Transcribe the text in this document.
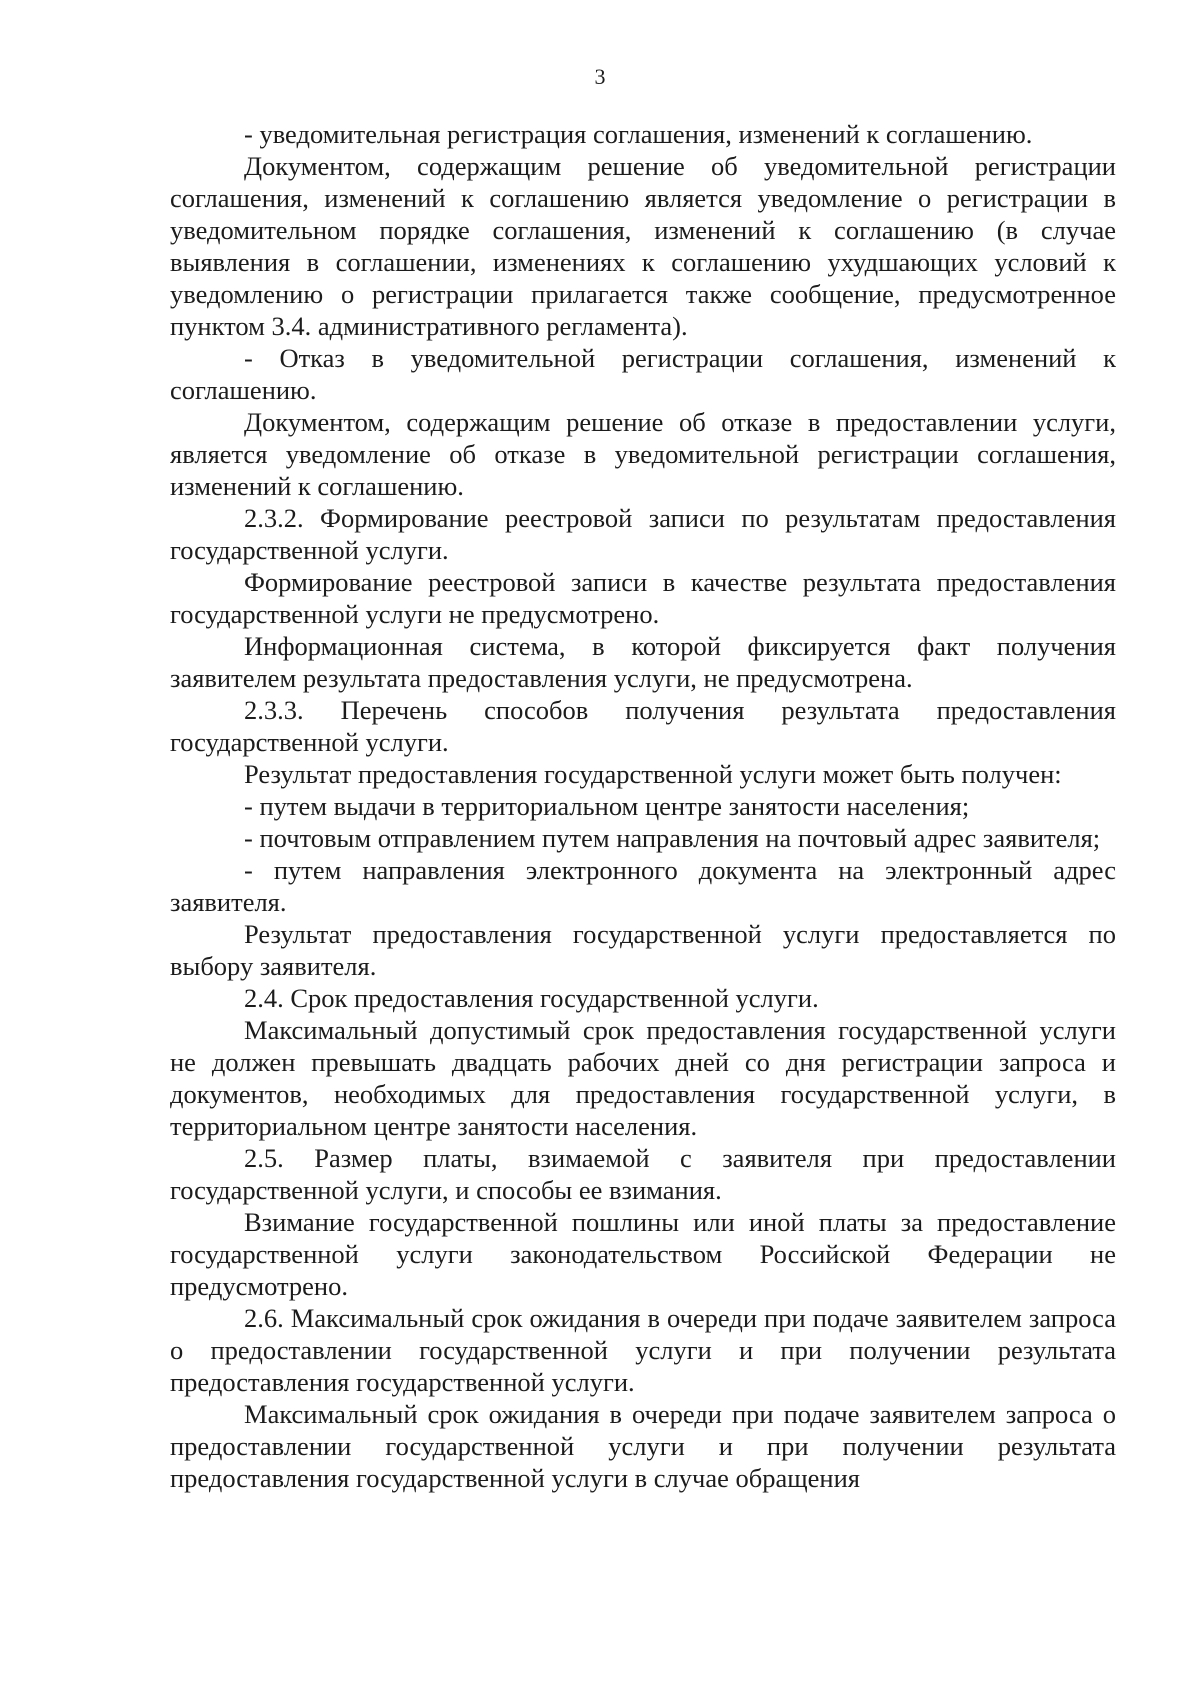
3

- уведомительная регистрация соглашения, изменений к соглашению.

Документом, содержащим решение об уведомительной регистрации соглашения, изменений к соглашению является уведомление о регистрации в уведомительном порядке соглашения, изменений к соглашению (в случае выявления в соглашении, изменениях к соглашению ухудшающих условий к уведомлению о регистрации прилагается также сообщение, предусмотренное пунктом 3.4. административного регламента).

- Отказ в уведомительной регистрации соглашения, изменений к соглашению.

Документом, содержащим решение об отказе в предоставлении услуги, является уведомление об отказе в уведомительной регистрации соглашения, изменений к соглашению.

2.3.2. Формирование реестровой записи по результатам предоставления государственной услуги.

Формирование реестровой записи в качестве результата предоставления государственной услуги не предусмотрено.

Информационная система, в которой фиксируется факт получения заявителем результата предоставления услуги, не предусмотрена.

2.3.3. Перечень способов получения результата предоставления государственной услуги.

Результат предоставления государственной услуги может быть получен:

- путем выдачи в территориальном центре занятости населения;

- почтовым отправлением путем направления на почтовый адрес заявителя;

- путем направления электронного документа на электронный адрес заявителя.

Результат предоставления государственной услуги предоставляется по выбору заявителя.

2.4. Срок предоставления государственной услуги.

Максимальный допустимый срок предоставления государственной услуги не должен превышать двадцать рабочих дней со дня регистрации запроса и документов, необходимых для предоставления государственной услуги, в территориальном центре занятости населения.

2.5. Размер платы, взимаемой с заявителя при предоставлении государственной услуги, и способы ее взимания.

Взимание государственной пошлины или иной платы за предоставление государственной услуги законодательством Российской Федерации не предусмотрено.

2.6. Максимальный срок ожидания в очереди при подаче заявителем запроса о предоставлении государственной услуги и при получении результата предоставления государственной услуги.

Максимальный срок ожидания в очереди при подаче заявителем запроса о предоставлении государственной услуги и при получении результата предоставления государственной услуги в случае обращения
